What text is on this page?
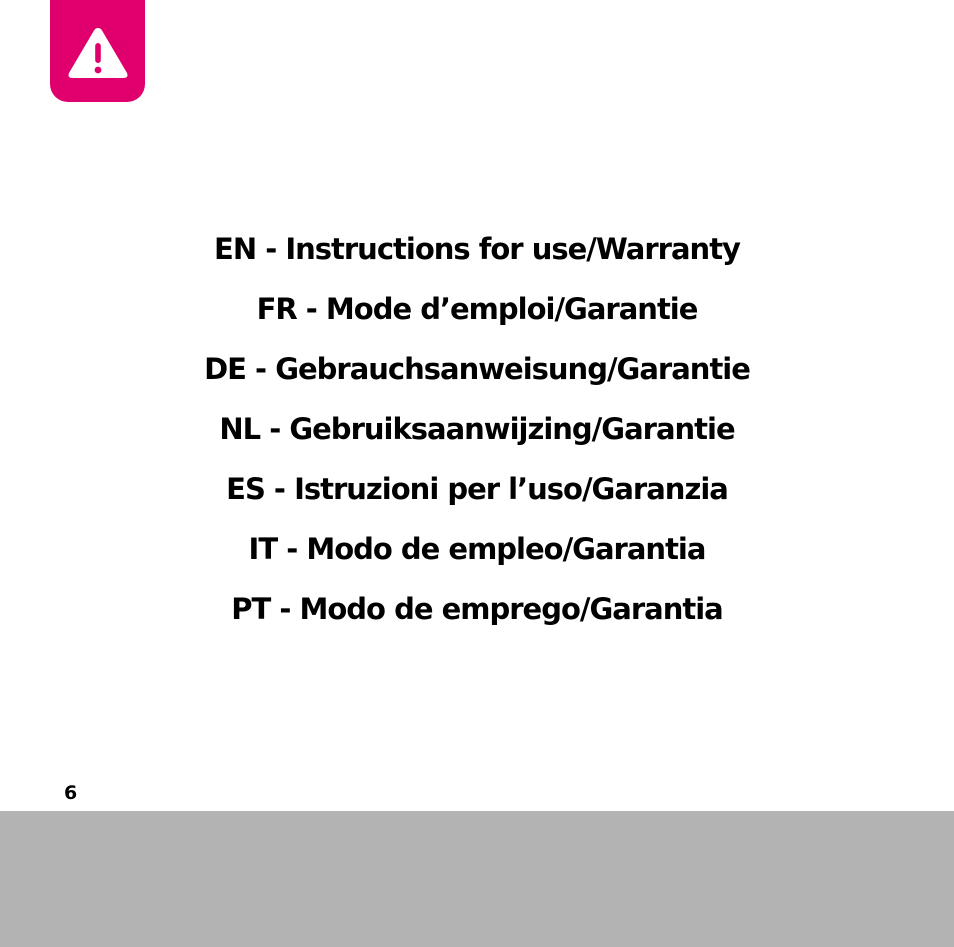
EN - Instructions for use/Warranty
FR - Mode d’emploi/Garantie
DE - Gebrauchsanweisung/Garantie
NL - Gebruiksaanwijzing/Garantie
ES - Istruzioni per l’uso/Garanzia
IT - Modo de empleo/Garantia
PT - Modo de emprego/Garantia
6
